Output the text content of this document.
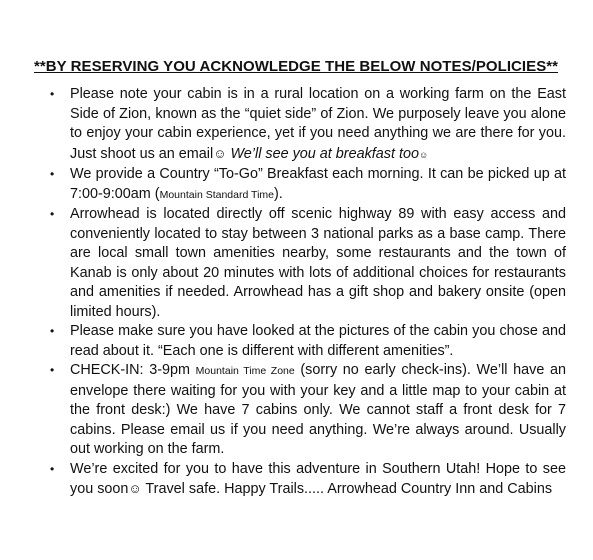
**BY RESERVING YOU ACKNOWLEDGE THE BELOW NOTES/POLICIES**
•	Please note your cabin is in a rural location on a working farm on the East Side of Zion, known as the “quiet side” of Zion. We purposely leave you alone to enjoy your cabin experience, yet if you need anything we are there for you. Just shoot us an email☺ We’ll see you at breakfast too☺
•	We provide a Country “To-Go” Breakfast each morning. It can be picked up at 7:00-9:00am (Mountain Standard Time).
•	Arrowhead is located directly off scenic highway 89 with easy access and conveniently located to stay between 3 national parks as a base camp. There are local small town amenities nearby, some restaurants and the town of Kanab is only about 20 minutes with lots of additional choices for restaurants and amenities if needed. Arrowhead has a gift shop and bakery onsite (open limited hours).
•	Please make sure you have looked at the pictures of the cabin you chose and read about it. “Each one is different with different amenities”.
•	CHECK-IN: 3-9pm Mountain Time Zone (sorry no early check-ins). We’ll have an envelope there waiting for you with your key and a little map to your cabin at the front desk:) We have 7 cabins only. We cannot staff a front desk for 7 cabins. Please email us if you need anything. We’re always around. Usually out working on the farm.
•	We’re excited for you to have this adventure in Southern Utah! Hope to see you soon☺ Travel safe. Happy Trails..... Arrowhead Country Inn and Cabins
